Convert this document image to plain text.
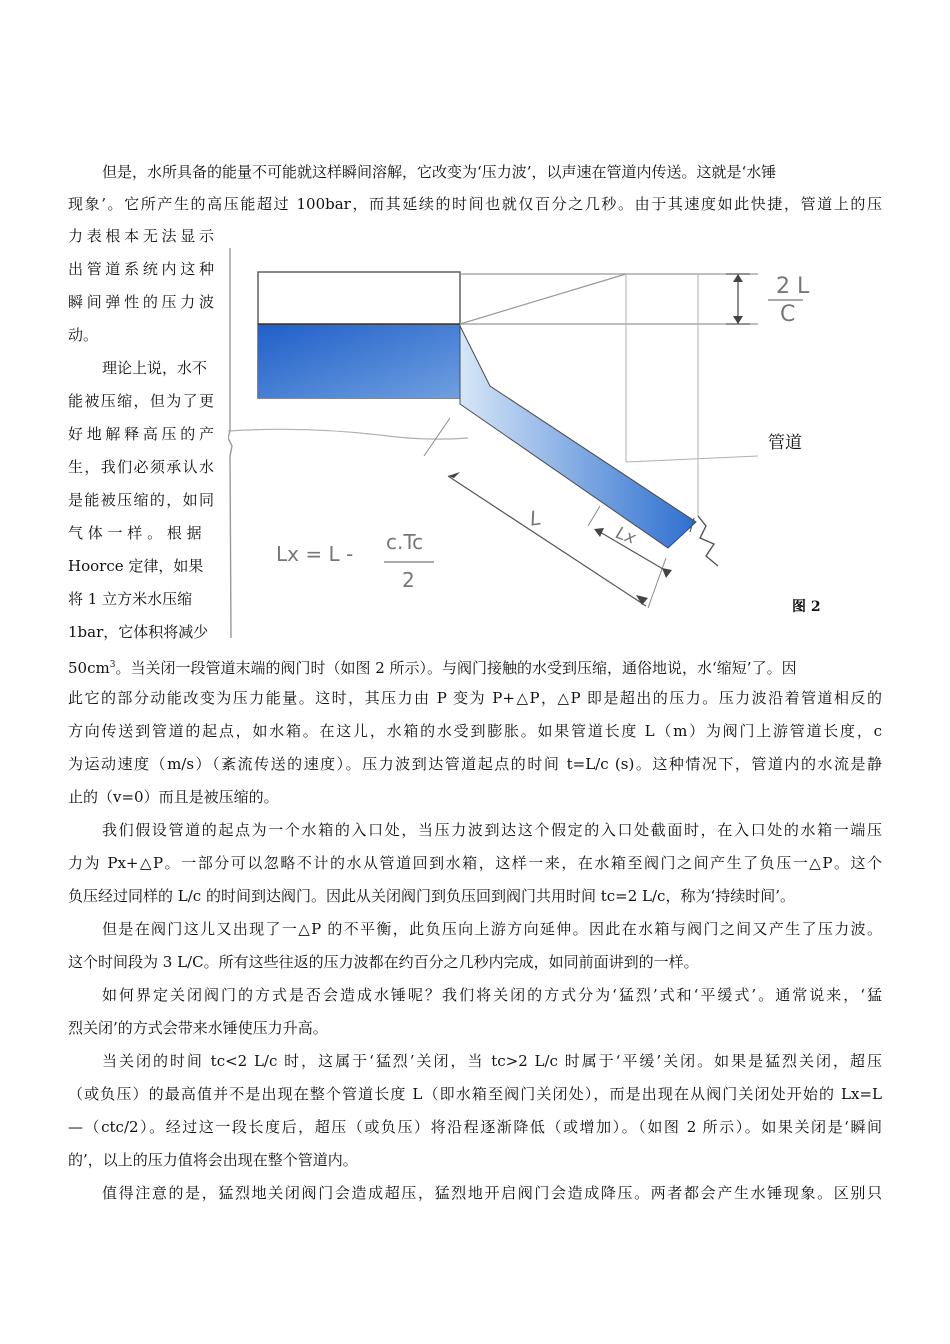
但是，水所具备的能量不可能就这样瞬间溶解，它改变为‘压力波’，以声速在管道内传送。这就是‘水锤
现象’。它所产生的高压能超过 100bar，而其延续的时间也就仅百分之几秒。由于其速度如此快捷，管道上的压
力表根本无法显示
出管道系统内这种
瞬间弹性的压力波
动。
理论上说，水不
能被压缩，但为了更
好地解释高压的产
生，我们必须承认水
是能被压缩的，如同
气 体 一 样 。 根 据
Hoorce 定律，如果
将 1 立方米水压缩
1bar，它体积将减少
$50cm^3$。当关闭一段管道末端的阀门时（如图 2 所示）。与阀门接触的水受到压缩，通俗地说，水‘缩短’了。因
此它的部分动能改变为压力能量。这时，其压力由 P 变为 P+△P，△P 即是超出的压力。压力波沿着管道相反的
方向传送到管道的起点，如水箱。在这儿，水箱的水受到膨胀。如果管道长度 L（m）为阀门上游管道长度，c
为运动速度（m/s）（紊流传送的速度）。压力波到达管道起点的时间 t=L/c (s)。这种情况下，管道内的水流是静
止的（v=0）而且是被压缩的。
我们假设管道的起点为一个水箱的入口处，当压力波到达这个假定的入口处截面时，在入口处的水箱一端压
力为 Px+△P。一部分可以忽略不计的水从管道回到水箱，这样一来，在水箱至阀门之间产生了负压一△P。这个
负压经过同样的 L/c 的时间到达阀门。因此从关闭阀门到负压回到阀门共用时间 tc=2 L/c，称为‘持续时间’。
但是在阀门这儿又出现了一△P 的不平衡，此负压向上游方向延伸。因此在水箱与阀门之间又产生了压力波。
这个时间段为 3 L/C。所有这些往返的压力波都在约百分之几秒内完成，如同前面讲到的一样。
如何界定关闭阀门的方式是否会造成水锤呢？我们将关闭的方式分为‘猛烈’式和‘平缓式’。通常说来，‘猛
烈关闭’的方式会带来水锤使压力升高。
当关闭的时间 tc<2 L/c 时，这属于‘猛烈’关闭，当 tc>2 L/c 时属于‘平缓’关闭。如果是猛烈关闭，超压
（或负压）的最高值并不是出现在整个管道长度 L（即水箱至阀门关闭处），而是出现在从阀门关闭处开始的 Lx=L
—（ctc/2）。经过这一段长度后，超压（或负压）将沿程逐渐降低（或增加）。（如图 2 所示）。如果关闭是‘瞬间
的’，以上的压力值将会出现在整个管道内。
值得注意的是，猛烈地关闭阀门会造成超压，猛烈地开启阀门会造成降压。两者都会产生水锤现象。区别只
2 L
C
管道
L
Lx
Lx = L - c.Tc
2
图 2
